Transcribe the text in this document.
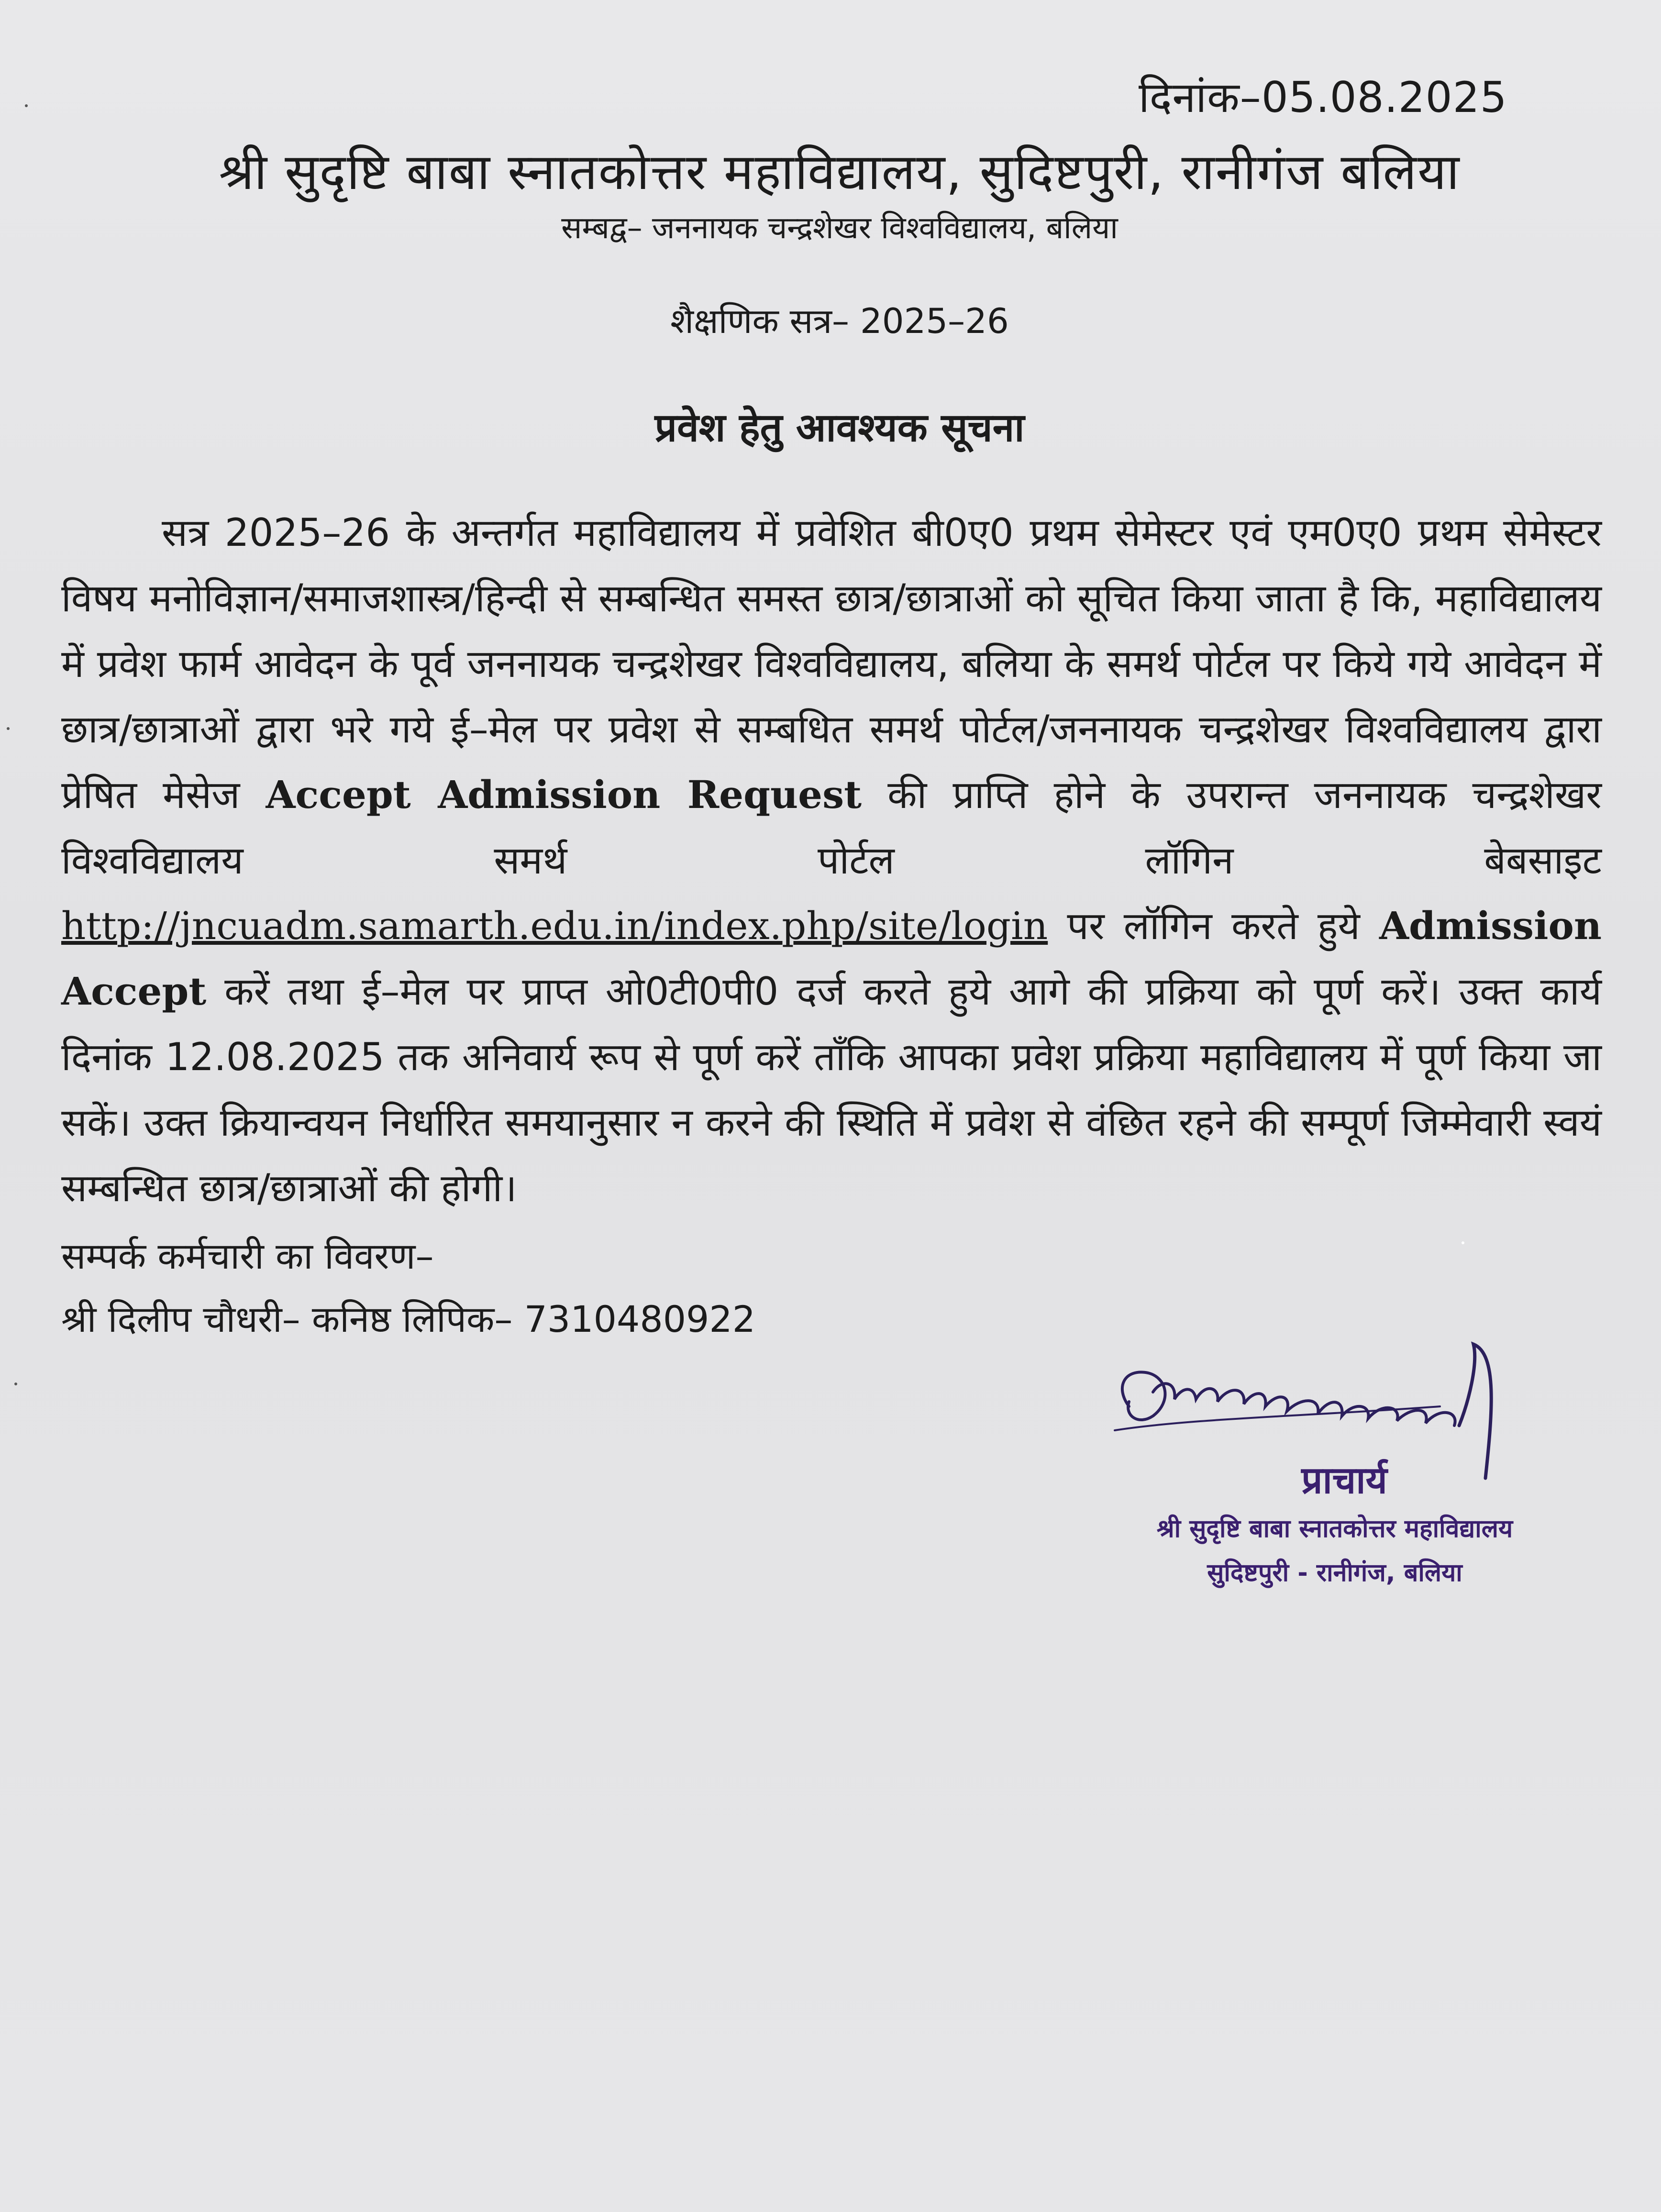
दिनांक–05.08.2025
श्री सुदृष्टि बाबा स्नातकोत्तर महाविद्यालय, सुदिष्टपुरी, रानीगंज बलिया
सम्बद्व– जननायक चन्द्रशेखर विश्वविद्यालय, बलिया
शैक्षणिक सत्र– 2025–26
प्रवेश हेतु आवश्यक सूचना
सत्र 2025–26 के अन्तर्गत महाविद्यालय में प्रवेशित बी0ए0 प्रथम सेमेस्टर एवं एम0ए0 प्रथम सेमेस्टर विषय मनोविज्ञान/समाजशास्त्र/हिन्दी से सम्बन्धित समस्त छात्र/छात्राओं को सूचित किया जाता है कि, महाविद्यालय में प्रवेश फार्म आवेदन के पूर्व जननायक चन्द्रशेखर विश्वविद्यालय, बलिया के समर्थ पोर्टल पर किये गये आवेदन में छात्र/छात्राओं द्वारा भरे गये ई–मेल पर प्रवेश से सम्बधित समर्थ पोर्टल/जननायक चन्द्रशेखर विश्वविद्यालय द्वारा प्रेषित मेसेज Accept Admission Request की प्राप्ति होने के उपरान्त जननायक चन्द्रशेखर विश्वविद्यालय समर्थ पोर्टल लॉगिन बेबसाइट http://jncuadm.samarth.edu.in/index.php/site/login पर लॉगिन करते हुये Admission Accept करें तथा ई–मेल पर प्राप्त ओ0टी0पी0 दर्ज करते हुये आगे की प्रक्रिया को पूर्ण करें। उक्त कार्य दिनांक 12.08.2025 तक अनिवार्य रूप से पूर्ण करें ताँकि आपका प्रवेश प्रक्रिया महाविद्यालय में पूर्ण किया जा सकें। उक्त क्रियान्वयन निर्धारित समयानुसार न करने की स्थिति में प्रवेश से वंछित रहने की सम्पूर्ण जिम्मेवारी स्वयं सम्बन्धित छात्र/छात्राओं की होगी।
सम्पर्क कर्मचारी का विवरण–
श्री दिलीप चौधरी– कनिष्ठ लिपिक– 7310480922
प्राचार्य
श्री सुदृष्टि बाबा स्नातकोत्तर महाविद्यालय
सुदिष्टपुरी - रानीगंज, बलिया
